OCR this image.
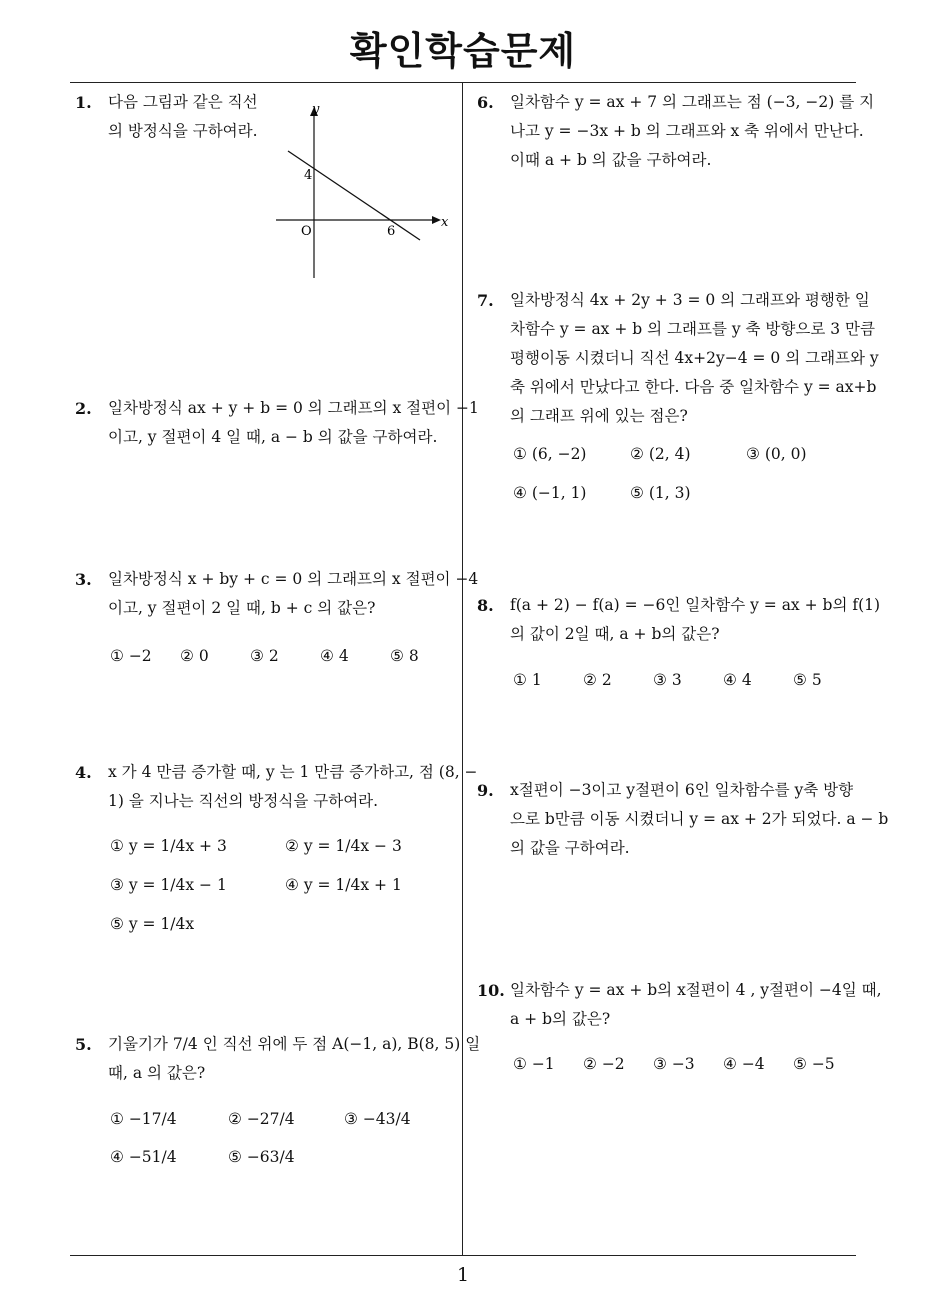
확인학습문제
1
1. 다음 그림과 같은 직선
의 방정식을 구하여라.
y
x
O
4
6
2. 일차방정식 ax + y + b = 0 의 그래프의 x 절편이 −1
이고, y 절편이 4 일 때, a − b 의 값을 구하여라.
3. 일차방정식 x + by + c = 0 의 그래프의 x 절편이 −4
이고, y 절편이 2 일 때, b + c 의 값은?
① −2 ② 0	③ 2	④ 4	⑤ 8
4. x 가 4 만큼 증가할 때, y 는 1 만큼 증가하고, 점 (8, −
1) 을 지나는 직선의 방정식을 구하여라.
① y = 1/4x + 3	② y = 1/4x − 3
③ y = 1/4x − 1	④ y = 1/4x + 1
⑤ y = 1/4x
5. 기울기가 7/4 인 직선 위에 두 점 A(−1, a), B(8, 5) 일
때, a 의 값은?
① −17/4	② −27/4	③ −43/4
④ −51/4	⑤ −63/4
6. 일차함수 y = ax + 7 의 그래프는 점 (−3, −2) 를 지
나고 y = −3x + b 의 그래프와 x 축 위에서 만난다.
이때 a + b 의 값을 구하여라.
7. 일차방정식 4x + 2y + 3 = 0 의 그래프와 평행한 일
차함수 y = ax + b 의 그래프를 y 축 방향으로 3 만큼
평행이동 시켰더니 직선 4x+2y−4 = 0 의 그래프와 y
축 위에서 만났다고 한다. 다음 중 일차함수 y = ax+b
의 그래프 위에 있는 점은?
① (6, −2)	② (2, 4)	③ (0, 0)
④ (−1, 1)	⑤ (1, 3)
8. f(a + 2) − f(a) = −6인 일차함수 y = ax + b의 f(1)
의 값이 2일 때, a + b의 값은?
① 1	② 2	③ 3	④ 4	⑤ 5
9. x절편이 −3이고 y절편이 6인 일차함수를 y축 방향
으로 b만큼 이동 시켰더니 y = ax + 2가 되었다. a − b
의 값을 구하여라.
10. 일차함수 y = ax + b의 x절편이 4 , y절편이 −4일 때,
a + b의 값은?
① −1 ② −2 ③ −3 ④ −4 ⑤ −5
